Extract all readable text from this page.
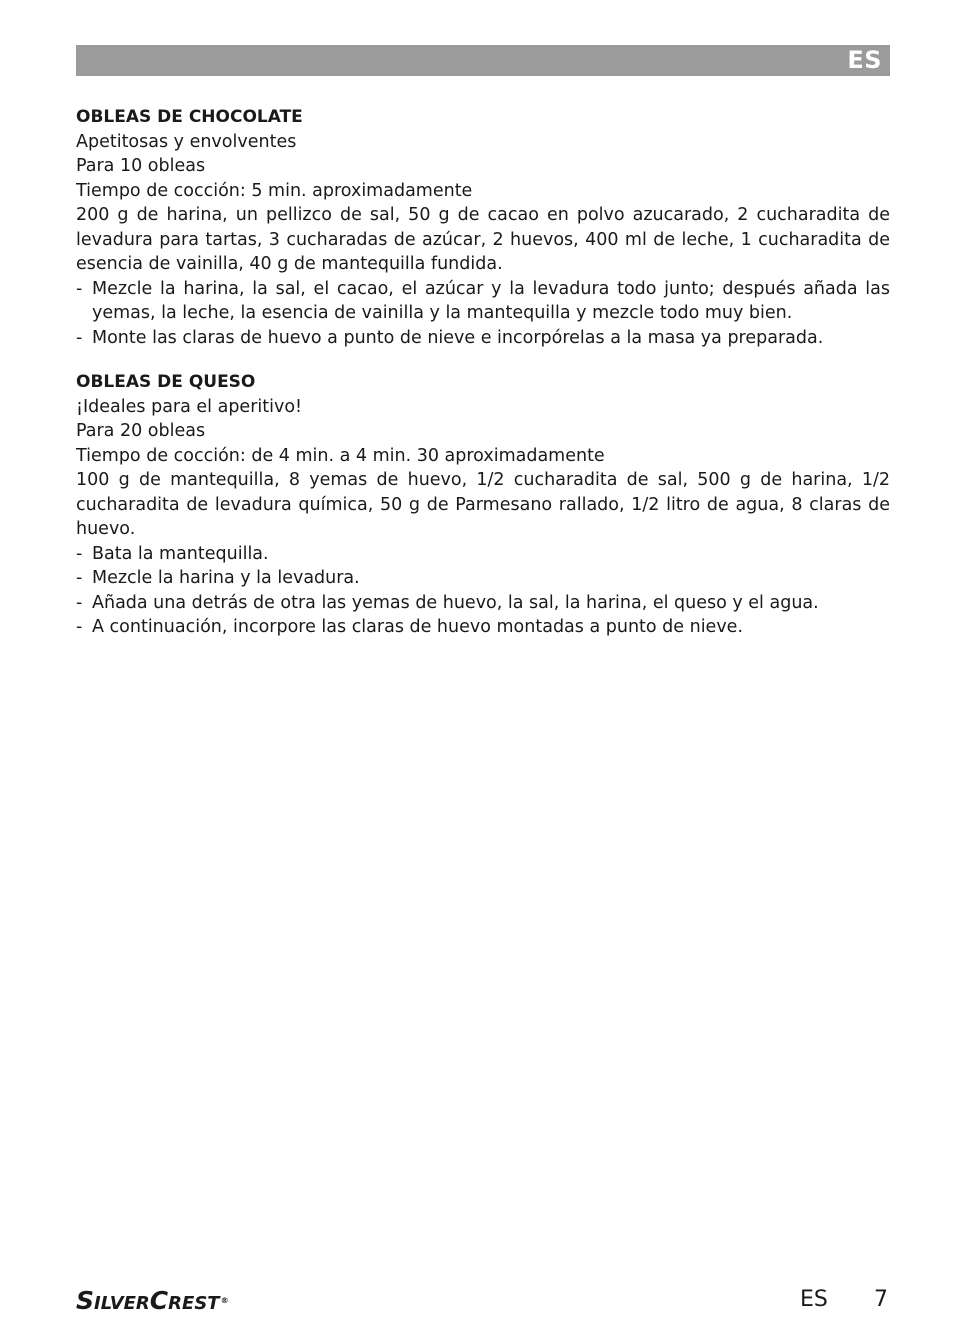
ES

OBLEAS DE CHOCOLATE

Apetitosas y envolventes

Para 10 obleas

Tiempo de cocción: 5 min. aproximadamente

200 g de harina, un pellizco de sal, 50 g de cacao en polvo azucarado, 2 cucharadita de levadura para tartas, 3 cucharadas de azúcar, 2 huevos, 400 ml de leche, 1 cucharadita de esencia de vainilla, 40 g de mantequilla fundida.

- Mezcle la harina, la sal, el cacao, el azúcar y la levadura todo junto; después añada las yemas, la leche, la esencia de vainilla y la mantequilla y mezcle todo muy bien.
- Monte las claras de huevo a punto de nieve e incorpórelas a la masa ya preparada.

OBLEAS DE QUESO

¡Ideales para el aperitivo!

Para 20 obleas

Tiempo de cocción: de 4 min. a 4 min. 30 aproximadamente

100 g de mantequilla, 8 yemas de huevo, 1/2 cucharadita de sal, 500 g de harina, 1/2 cucharadita de levadura química, 50 g de Parmesano rallado, 1/2 litro de agua, 8 claras de huevo.

- Bata la mantequilla.
- Mezcle la harina y la levadura.
- Añada una detrás de otra las yemas de huevo, la sal, la harina, el queso y el agua.
- A continuación, incorpore las claras de huevo montadas a punto de nieve.
SILVERCREST®	ES 7
